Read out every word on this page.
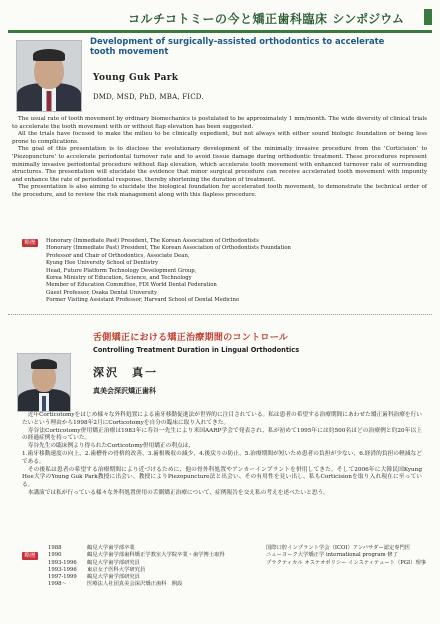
コルチコトミーの今と矯正歯科臨床 シンポジウム
Development of surgically-assisted orthodontics to accelerate tooth movement
Young Guk Park
DMD, MSD, PhD, MBA, FICD.

The usual rate of tooth movement by ordinary biomechanics is postulated to be approximately 1 mm/month. The wide diversity of clinical trials to accelerate the tooth movement with or without flap elevation has been suggested.

All the trials have focused to make the milieu to be clinically expedient, but not always with either sound biologic foundation or being less prone to complications.

The goal of this presentation is to disclose the evolutionary development of the minimally invasive procedure from the 'Corticision' to 'Piezopuncture' to accelerate periodontal turnover rate and to avoid tissue damage during orthodontic treatment. These procedures represent minimally invasive periodontal procedure without flap elevation, which accelerate tooth movement with enhanced turnover rate of surrounding structures. The presentation will elucidate the evidence that minor surgical procedure can receive accelerated tooth movement with impunity and enhance the rate of periodontal response, thereby shortening the duration of treatment.

The presentation is also aiming to elucidate the biological foundation for accelerated tooth movement, to demonstrate the technical order of the procedure, and to review the risk management along with this flapless procedure.

略歴	Honorary (Immediate Past) President, The Korean Association of Orthodontists
Honorary (Immediate Past) President, The Korean Association of Orthodontists Foundation
Professor and Chair of Orthodontics, Associate Dean,
Kyung Hee University School of Dentistry
Head, Future Platform Technology Development Group,
Korea Ministry of Education, Science, and Technology
Member of Education Committee, FDI World Dental Federation
Guest Professor, Osaka Dental University
Former Visiting Assistant Professor, Harvard School of Dental Medicine
舌側矯正における矯正治療期間のコントロール
Controlling Treatment Duration in Lingual Orthodontics
深沢　真一
真美会深沢矯正歯科

　近年Corticotomyをはじめ様々な外科処置による歯牙移動促進法が世界的に注目されている。私は患者の希望する治療期間にあわせた矯正歯科治療を行いたいという理由から1998年2月にCorticotomyを自分の臨床に取り入れてきた。

　寿谷法Corticotomy併用矯正治療は1983年に寿谷一先生により米国AARP学会で発表され、私が初めて1995年には約500名ほどの治療例と約20年以上の経過症例を持っていた。

　寿谷先生の臨床例より得られたCorticotomy併用矯正の利点は、

1.歯牙移動速度の向上、2.歯槽骨の骨格的改善、3.歯根吸収の減少、4.後戻りの防止、5.治療期間が短いため患者の負担が少ない、6.経済的負担の軽減などである。

　その後私は患者の希望する治療期間により近づけるために、他の骨外科処置やアンカーインプラントを併用してきた。そして2006年に大韓民国Kyung Hee大学のYoung Guk Park教授に出会い、教授によりPiezopuncture法と出会い、その有用性を見い出し、私もCorticisionを取り入れ現在に至っている。

　本講演では私が行っている様々な外科処置併用の舌側矯正治療について、症例報告を交え私の考えを述べたいと思う。

略歴
1988
1990
1993-1996
1993-1996
1997-1999
1998〜
鶴見大学歯学部卒業
鶴見大学歯学部歯科矯正学教室大学院卒業・歯学博士取得
鶴見大学歯学部研究員
東京女子医科大学研究員
鶴見大学歯学部研究員
医療法人社団真美会深沢矯正歯科　開設
国際口腔インプラント学会（ICOI）アンバサダー認定専門医
ニューヨーク大学矯正学 international program 修了
プラクティカル オステオポリシー インスティテュート（PGI）理事
